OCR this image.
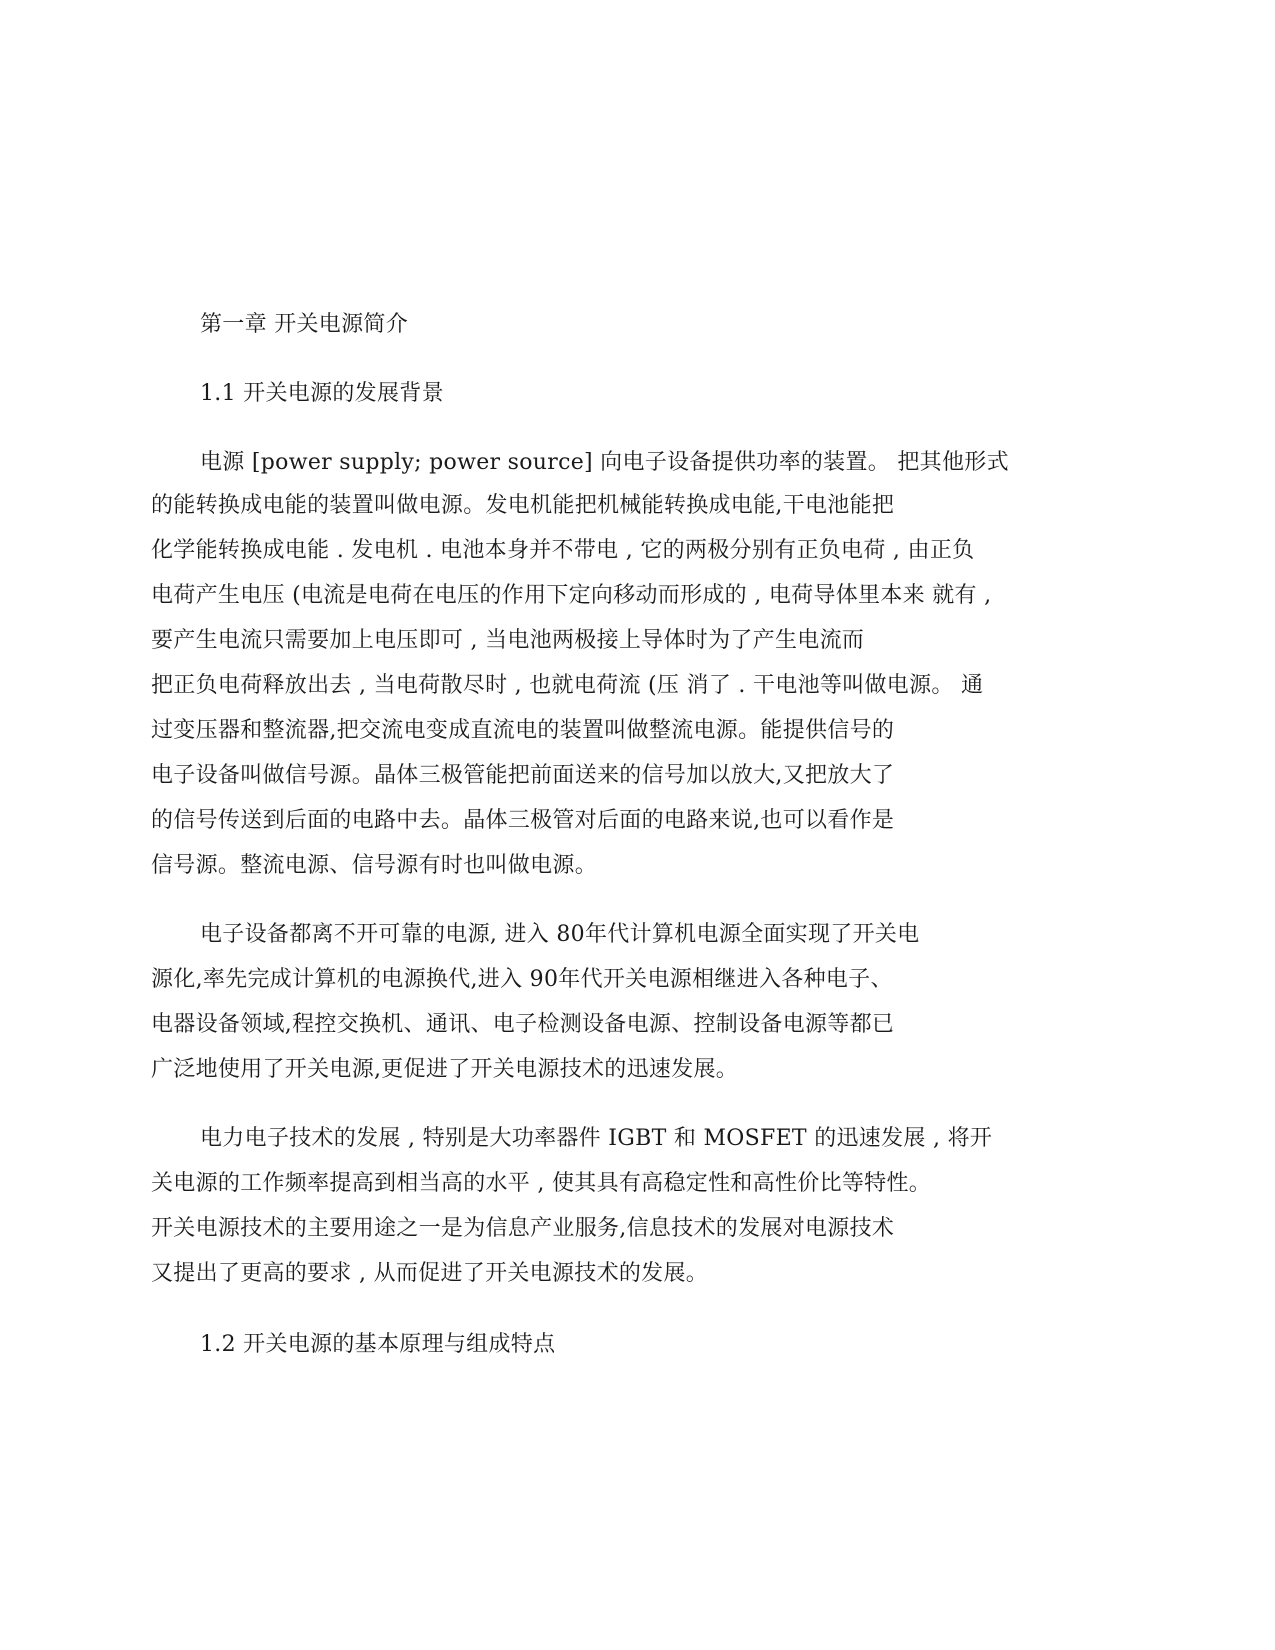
第一章 开关电源简介
1.1 开关电源的发展背景
电源 [power supply; power source] 向电子设备提供功率的装置。 把其他形式
的能转换成电能的装置叫做电源。发电机能把机械能转换成电能,干电池能把
化学能转换成电能 . 发电机 . 电池本身并不带电 , 它的两极分别有正负电荷 , 由正负
电荷产生电压 (电流是电荷在电压的作用下定向移动而形成的 , 电荷导体里本来 就有 ,
要产生电流只需要加上电压即可 , 当电池两极接上导体时为了产生电流而
把正负电荷释放出去 , 当电荷散尽时 , 也就电荷流 (压 消了 . 干电池等叫做电源。 通
过变压器和整流器,把交流电变成直流电的装置叫做整流电源。能提供信号的
电子设备叫做信号源。晶体三极管能把前面送来的信号加以放大,又把放大了
的信号传送到后面的电路中去。晶体三极管对后面的电路来说,也可以看作是
信号源。整流电源、信号源有时也叫做电源。
电子设备都离不开可靠的电源, 进入 80年代计算机电源全面实现了开关电
源化,率先完成计算机的电源换代,进入 90年代开关电源相继进入各种电子、
电器设备领域,程控交换机、通讯、电子检测设备电源、控制设备电源等都已
广泛地使用了开关电源,更促进了开关电源技术的迅速发展。
电力电子技术的发展 , 特别是大功率器件 IGBT 和 MOSFET 的迅速发展 , 将开
关电源的工作频率提高到相当高的水平 , 使其具有高稳定性和高性价比等特性。
开关电源技术的主要用途之一是为信息产业服务,信息技术的发展对电源技术
又提出了更高的要求 , 从而促进了开关电源技术的发展。
1.2 开关电源的基本原理与组成特点
